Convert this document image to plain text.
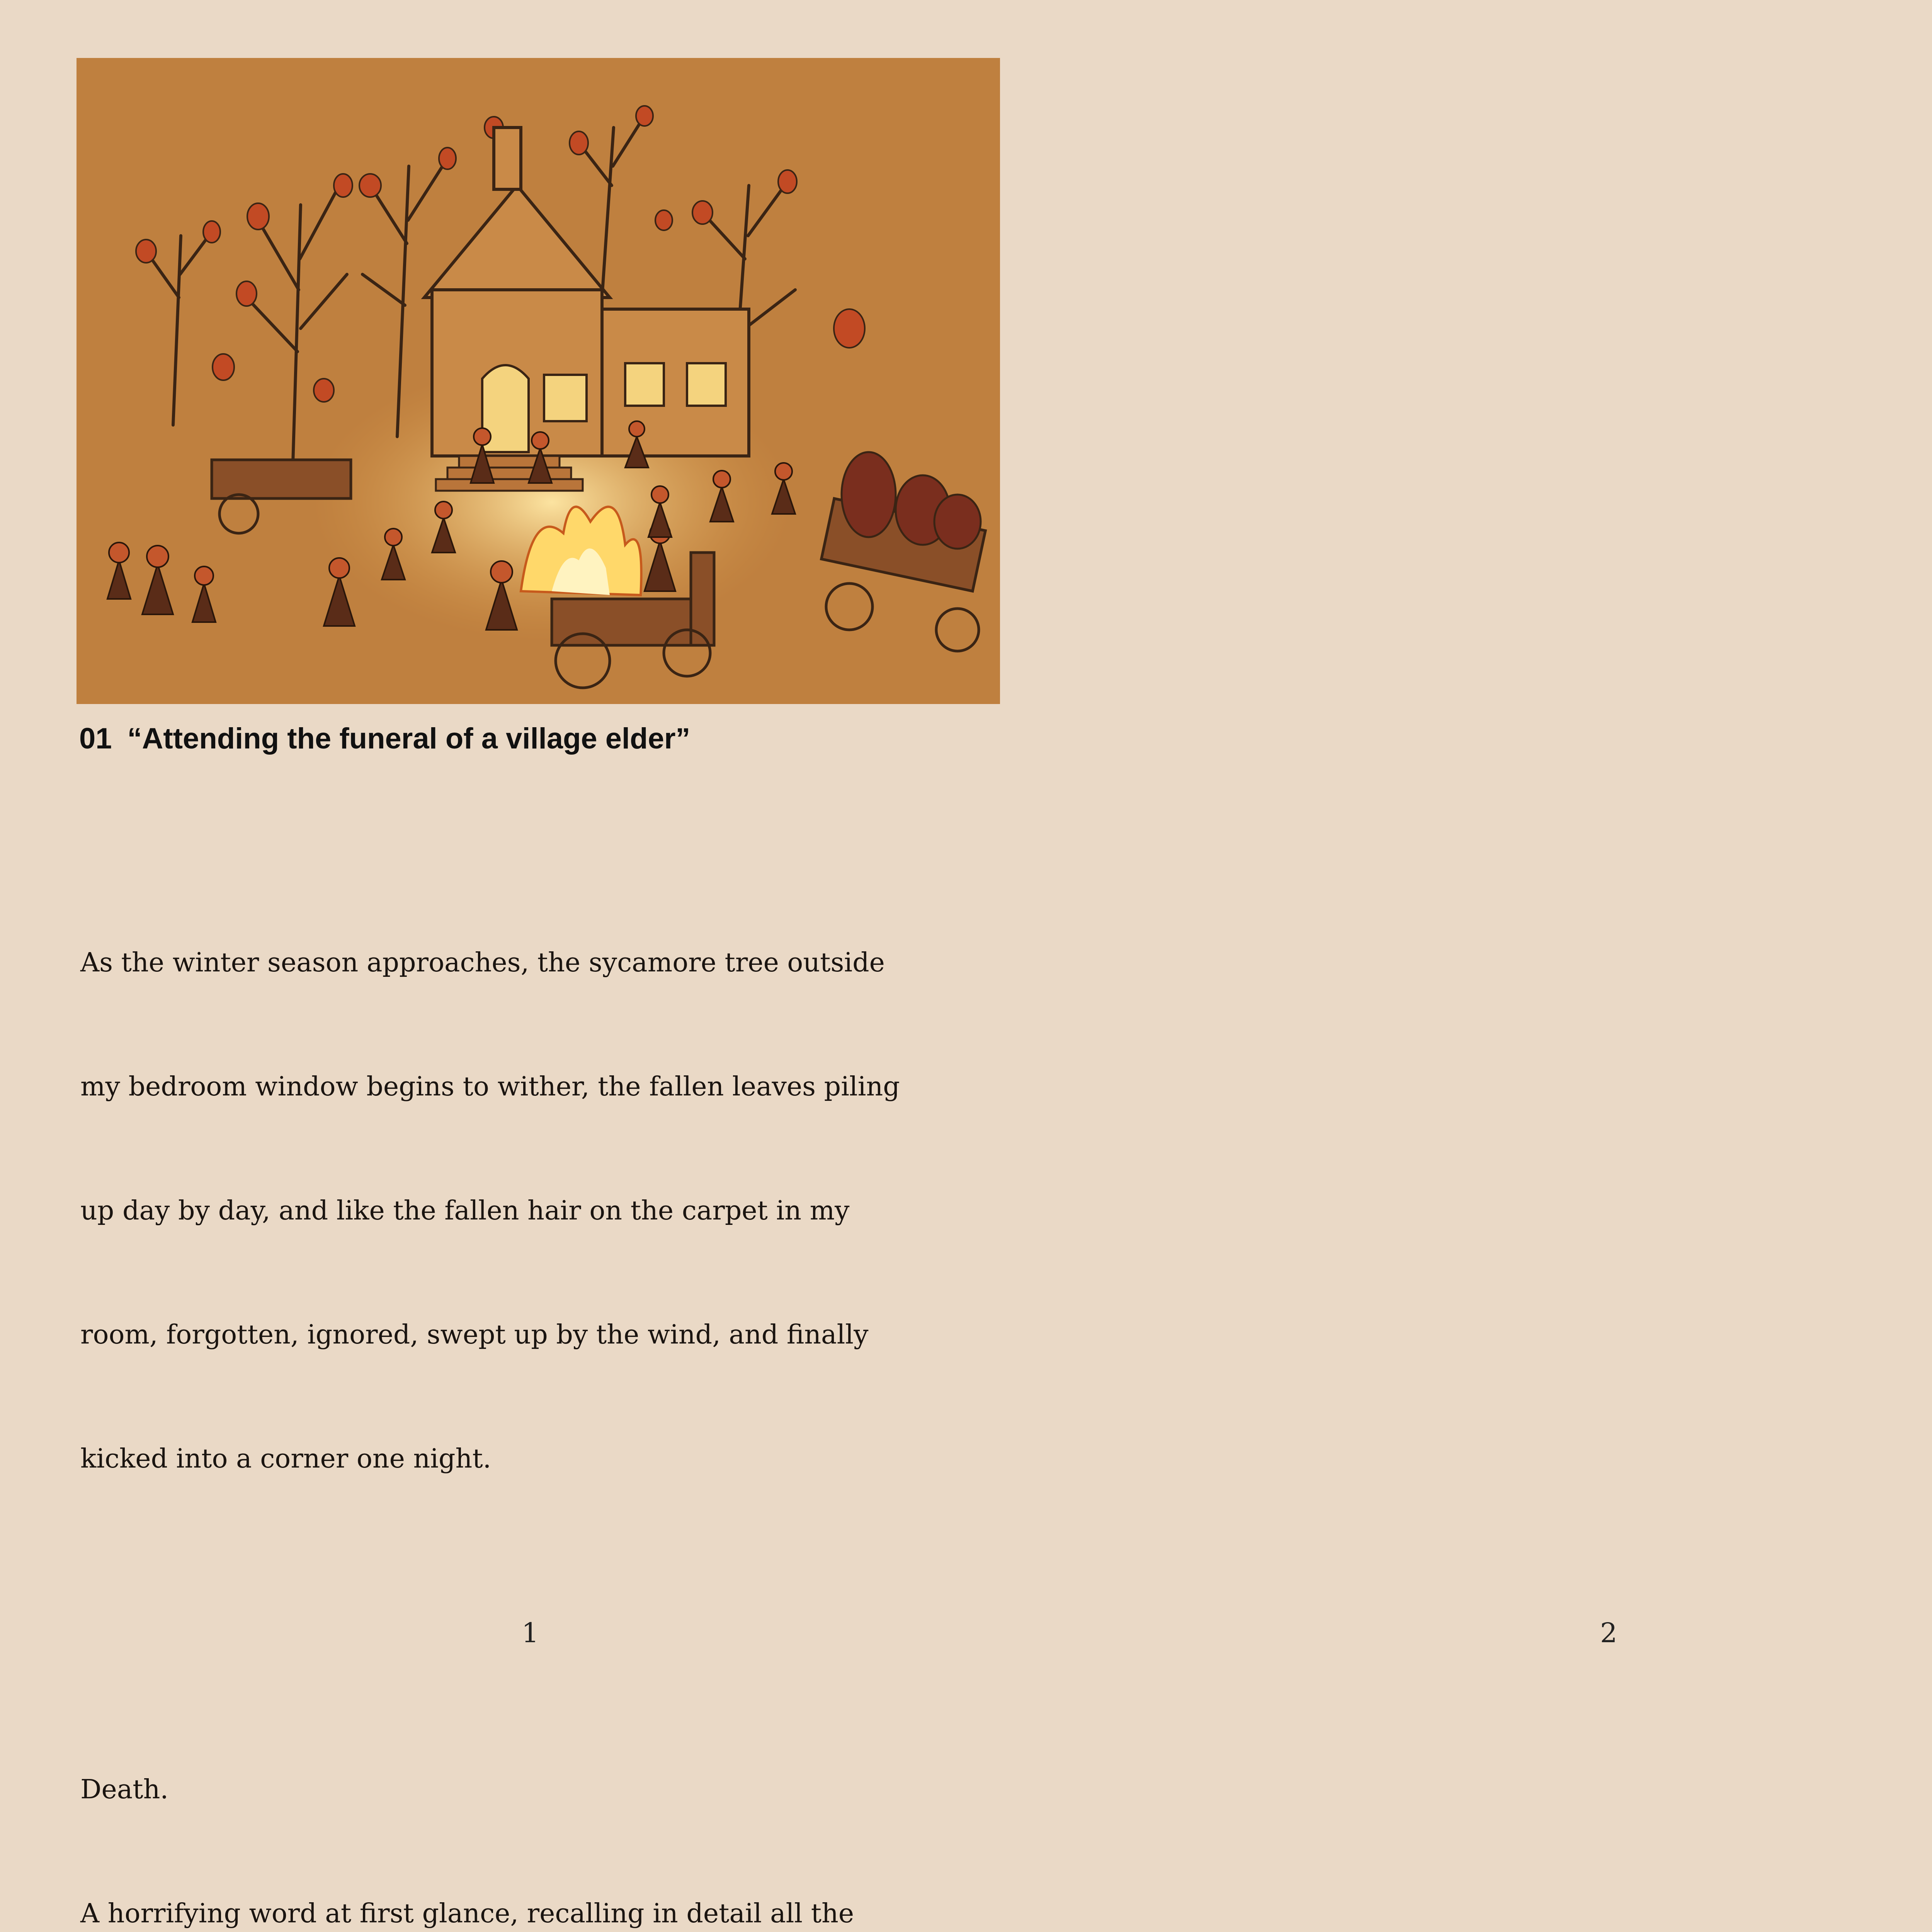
01 “Attending the funeral of a village elder”

As the winter season approaches, the sycamore tree outside

my bedroom window begins to wither, the fallen leaves piling

up day by day, and like the fallen hair on the carpet in my

room, forgotten, ignored, swept up by the wind, and finally

kicked into a corner one night.

Death.

A horrifying word at first glance, recalling in detail all the

1

	2
